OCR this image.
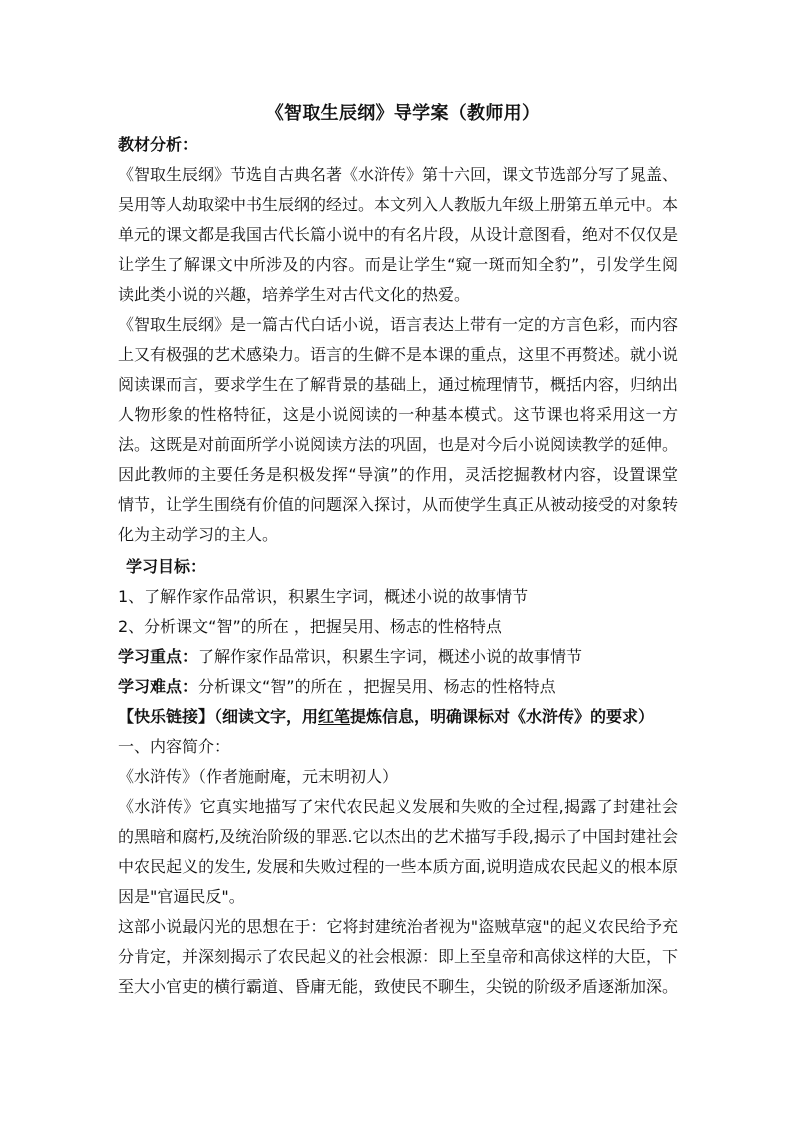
《智取生辰纲》导学案（教师用）
教材分析：

《智取生辰纲》节选自古典名著《水浒传》第十六回，课文节选部分写了晁盖、吴用等人劫取梁中书生辰纲的经过。本文列入人教版九年级上册第五单元中。本单元的课文都是我国古代长篇小说中的有名片段，从设计意图看，绝对不仅仅是让学生了解课文中所涉及的内容。而是让学生“窥一斑而知全豹”，引发学生阅读此类小说的兴趣，培养学生对古代文化的热爱。

《智取生辰纲》是一篇古代白话小说，语言表达上带有一定的方言色彩，而内容上又有极强的艺术感染力。语言的生僻不是本课的重点，这里不再赘述。就小说阅读课而言，要求学生在了解背景的基础上，通过梳理情节，概括内容，归纳出人物形象的性格特征，这是小说阅读的一种基本模式。这节课也将采用这一方法。这既是对前面所学小说阅读方法的巩固，也是对今后小说阅读教学的延伸。 因此教师的主要任务是积极发挥“导演”的作用，灵活挖掘教材内容，设置课堂情节，让学生围绕有价值的问题深入探讨，从而使学生真正从被动接受的对象转化为主动学习的主人。

学习目标：

1、了解作家作品常识，积累生字词，概述小说的故事情节

2、分析课文“智”的所在 ，把握吴用、杨志的性格特点

学习重点：了解作家作品常识，积累生字词，概述小说的故事情节

学习难点：分析课文“智”的所在 ，把握吴用、杨志的性格特点

【快乐链接】（细读文字，用红笔提炼信息，明确课标对《水浒传》的要求）

一、内容简介：

《水浒传》（作者施耐庵，元末明初人）

《水浒传》它真实地描写了宋代农民起义发展和失败的全过程,揭露了封建社会的黑暗和腐朽,及统治阶级的罪恶.它以杰出的艺术描写手段,揭示了中国封建社会中农民起义的发生, 发展和失败过程的一些本质方面,说明造成农民起义的根本原因是"官逼民反"。

这部小说最闪光的思想在于：它将封建统治者视为"盗贼草寇"的起义农民给予充分肯定，并深刻揭示了农民起义的社会根源：即上至皇帝和高俅这样的大臣，下至大小官吏的横行霸道、昏庸无能，致使民不聊生，尖锐的阶级矛盾逐渐加深。
